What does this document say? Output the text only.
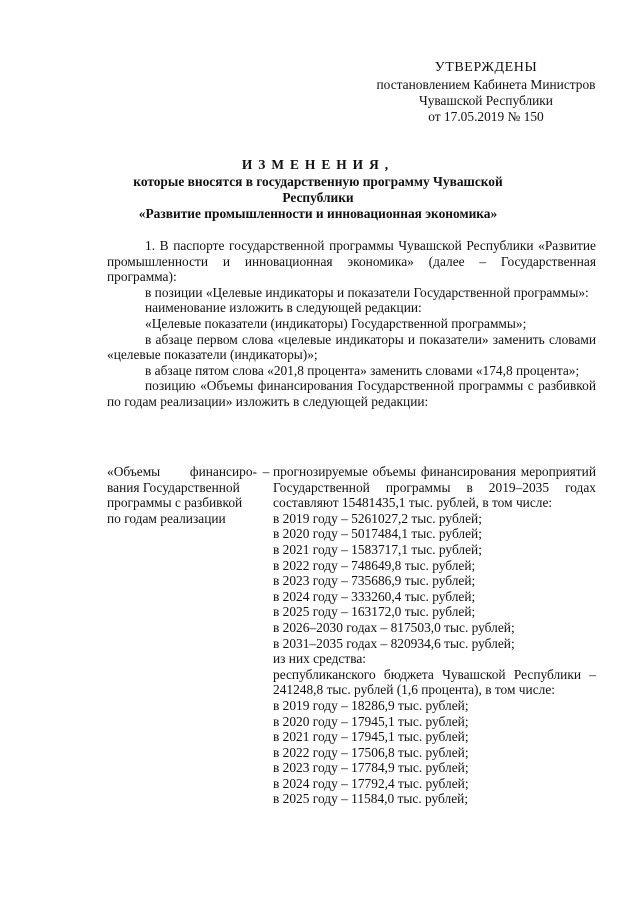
УТВЕРЖДЕНЫ
постановлением Кабинета Министров
Чувашской Республики
от 17.05.2019 № 150
ИЗМЕНЕНИЯ,
которые вносятся в государственную программу Чувашской Республики
«Развитие промышленности и инновационная экономика»

1. В паспорте государственной программы Чувашской Республики «Развитие промышленности и инновационная экономика» (далее – Государственная программа):

в позиции «Целевые индикаторы и показатели Государственной программы»:

наименование изложить в следующей редакции:

«Целевые показатели (индикаторы) Государственной программы»;

в абзаце первом слова «целевые индикаторы и показатели» заменить словами «целевые показатели (индикаторы)»;

в абзаце пятом слова «201,8 процента» заменить словами «174,8 процента»;

позицию «Объемы финансирования Государственной программы с разбивкой по годам реализации» изложить в следующей редакции:

«Объемы финансиро-
вания Государственной
программы с разбивкой
по годам реализации
– прогнозируемые объемы финансирования мероприятий Государственной программы в 2019–2035 годах составляют 15481435,1 тыс. рублей, в том числе:

в 2019 году – 5261027,2 тыс. рублей;

в 2020 году – 5017484,1 тыс. рублей;

в 2021 году – 1583717,1 тыс. рублей;

в 2022 году – 748649,8 тыс. рублей;

в 2023 году – 735686,9 тыс. рублей;

в 2024 году – 333260,4 тыс. рублей;

в 2025 году – 163172,0 тыс. рублей;

в 2026–2030 годах – 817503,0 тыс. рублей;

в 2031–2035 годах – 820934,6 тыс. рублей;

из них средства:

республиканского бюджета Чувашской Республики – 241248,8 тыс. рублей (1,6 процента), в том числе:

в 2019 году – 18286,9 тыс. рублей;

в 2020 году – 17945,1 тыс. рублей;

в 2021 году – 17945,1 тыс. рублей;

в 2022 году – 17506,8 тыс. рублей;

в 2023 году – 17784,9 тыс. рублей;

в 2024 году – 17792,4 тыс. рублей;

в 2025 году – 11584,0 тыс. рублей;
